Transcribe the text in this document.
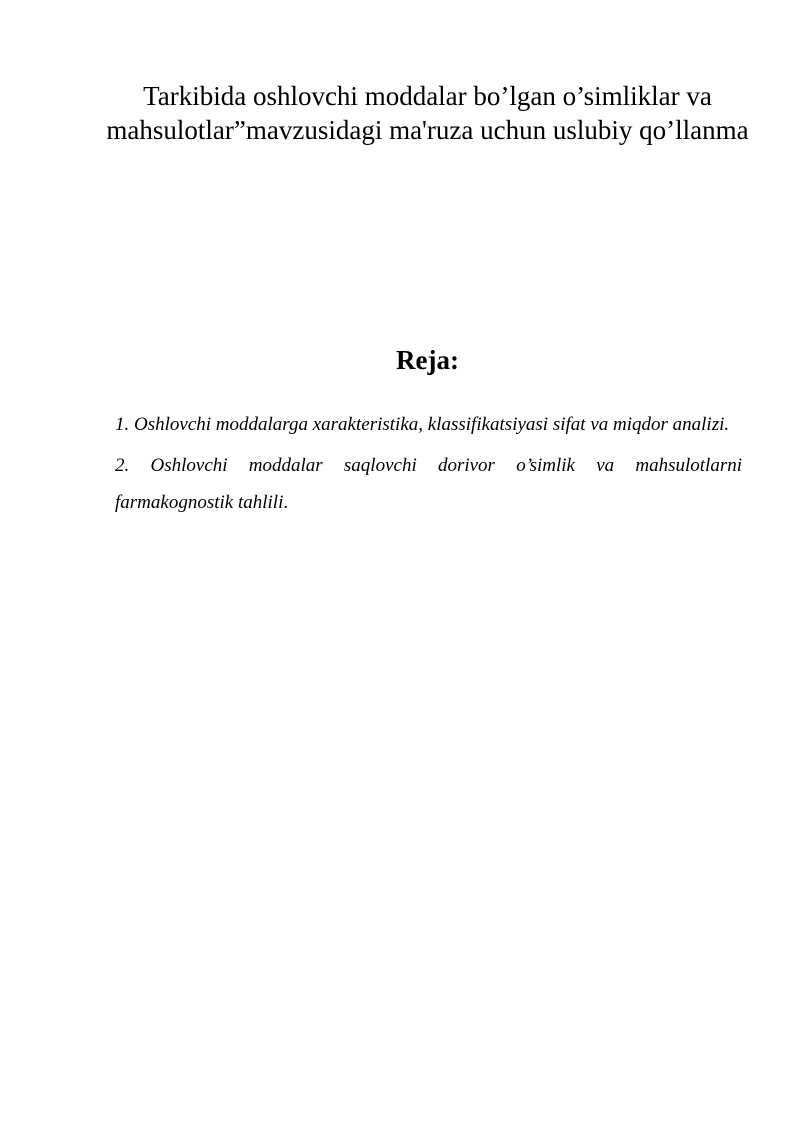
Tarkibida oshlovchi moddalar bo’lgan o’simliklar va mahsulotlar”mavzusidagi ma'ruza uchun uslubiy qo’llanma
Reja:
1. Oshlovchi moddalarga xarakteristika, klassifikatsiyasi sifat va miqdor analizi.
2. Oshlovchi moddalar saqlovchi dorivor o’simlik va mahsulotlarni farmakognostik tahlili.
